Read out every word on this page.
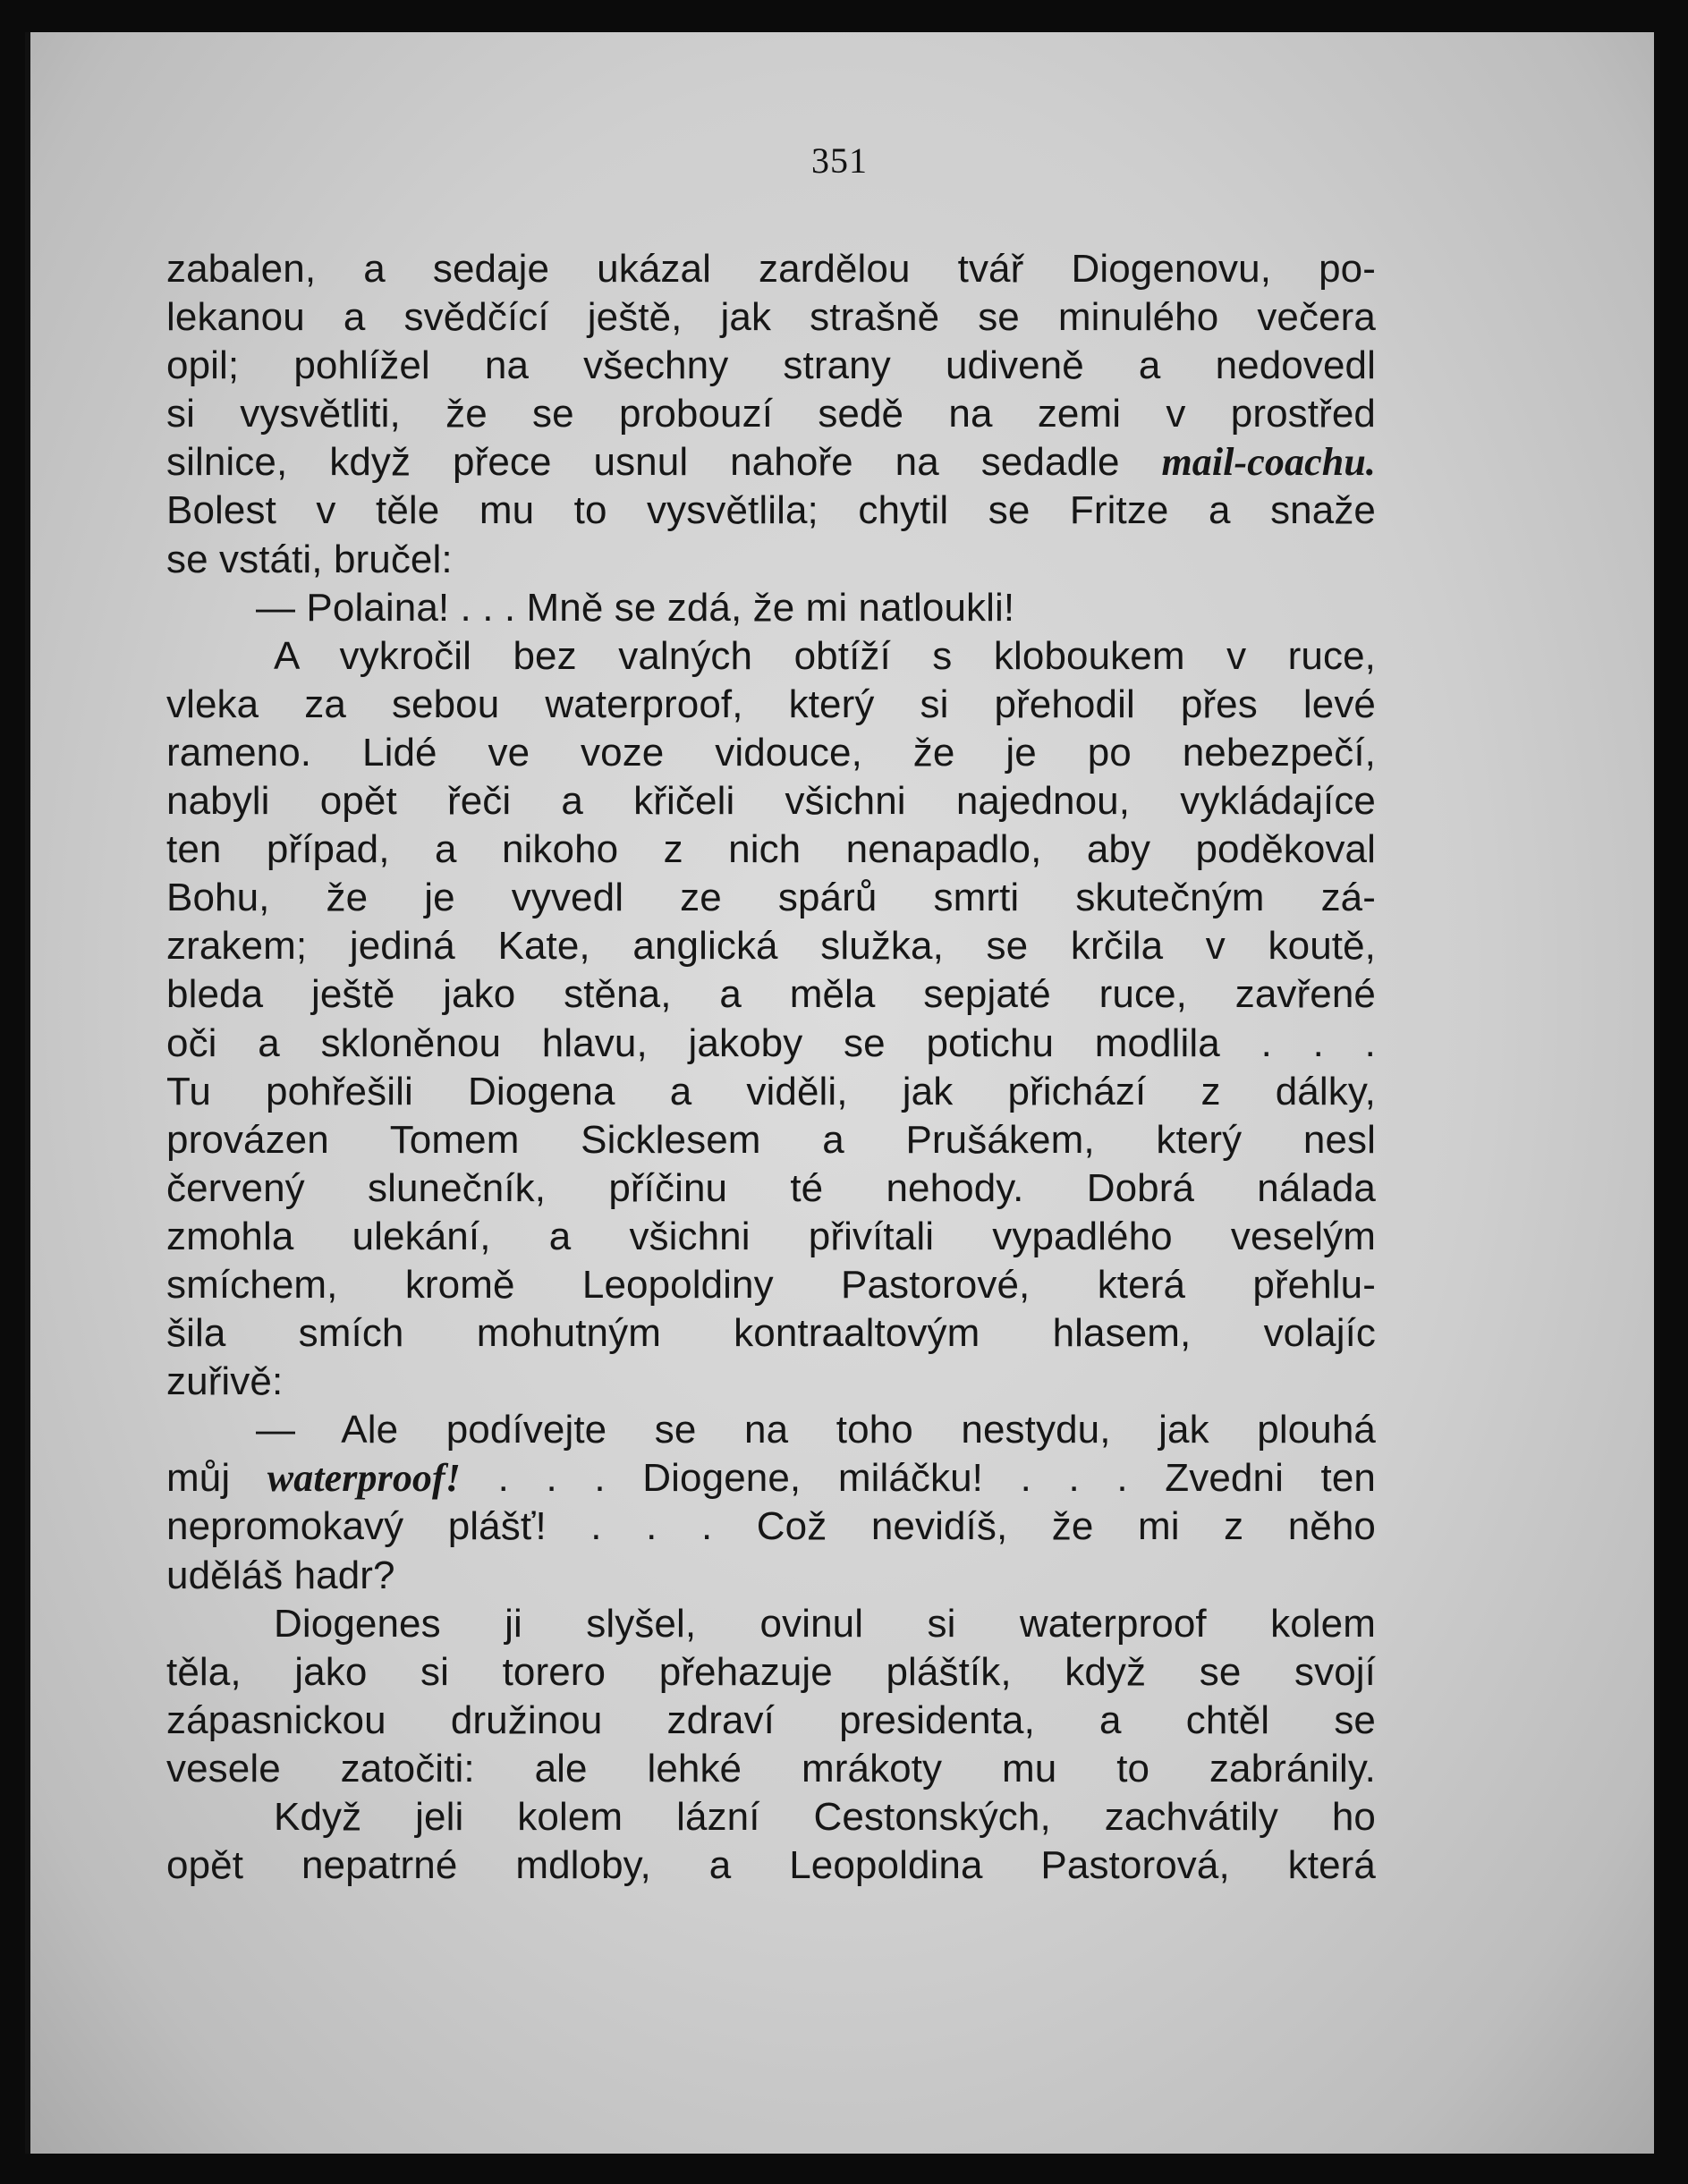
351
zabalen, a sedaje ukázal zardělou tvář Diogenovu, po-
lekanou a svědčící ještě, jak strašně se minulého večera
opil; pohlížel na všechny strany udiveně a nedovedl
si vysvětliti, že se probouzí sedě na zemi v prostřed
silnice, když přece usnul nahoře na sedadle mail-coachu.
Bolest v těle mu to vysvětlila; chytil se Fritze a snaže
se vstáti, bručel:
— Polaina! . . . Mně se zdá, že mi natloukli!
A vykročil bez valných obtíží s kloboukem v ruce,
vleka za sebou waterproof, který si přehodil přes levé
rameno. Lidé ve voze vidouce, že je po nebezpečí,
nabyli opět řeči a křičeli všichni najednou, vykládajíce
ten případ, a nikoho z nich nenapadlo, aby poděkoval
Bohu, že je vyvedl ze spárů smrti skutečným zá-
zrakem; jediná Kate, anglická služka, se krčila v koutě,
bleda ještě jako stěna, a měla sepjaté ruce, zavřené
oči a skloněnou hlavu, jakoby se potichu modlila . . .
Tu pohřešili Diogena a viděli, jak přichází z dálky,
provázen Tomem Sicklesem a Prušákem, který nesl
červený slunečník, příčinu té nehody. Dobrá nálada
zmohla ulekání, a všichni přivítali vypadlého veselým
smíchem, kromě Leopoldiny Pastorové, která přehlu-
šila smích mohutným kontraaltovým hlasem, volajíc
zuřivě:
— Ale podívejte se na toho nestydu, jak plouhá
můj waterproof! . . . Diogene, miláčku! . . . Zvedni ten
nepromokavý plášť! . . . Což nevidíš, že mi z něho
uděláš hadr?
Diogenes ji slyšel, ovinul si waterproof kolem
těla, jako si torero přehazuje pláštík, když se svojí
zápasnickou družinou zdraví presidenta, a chtěl se
vesele zatočiti: ale lehké mrákoty mu to zabránily.
Když jeli kolem lázní Cestonských, zachvátily ho
opět nepatrné mdloby, a Leopoldina Pastorová, která
